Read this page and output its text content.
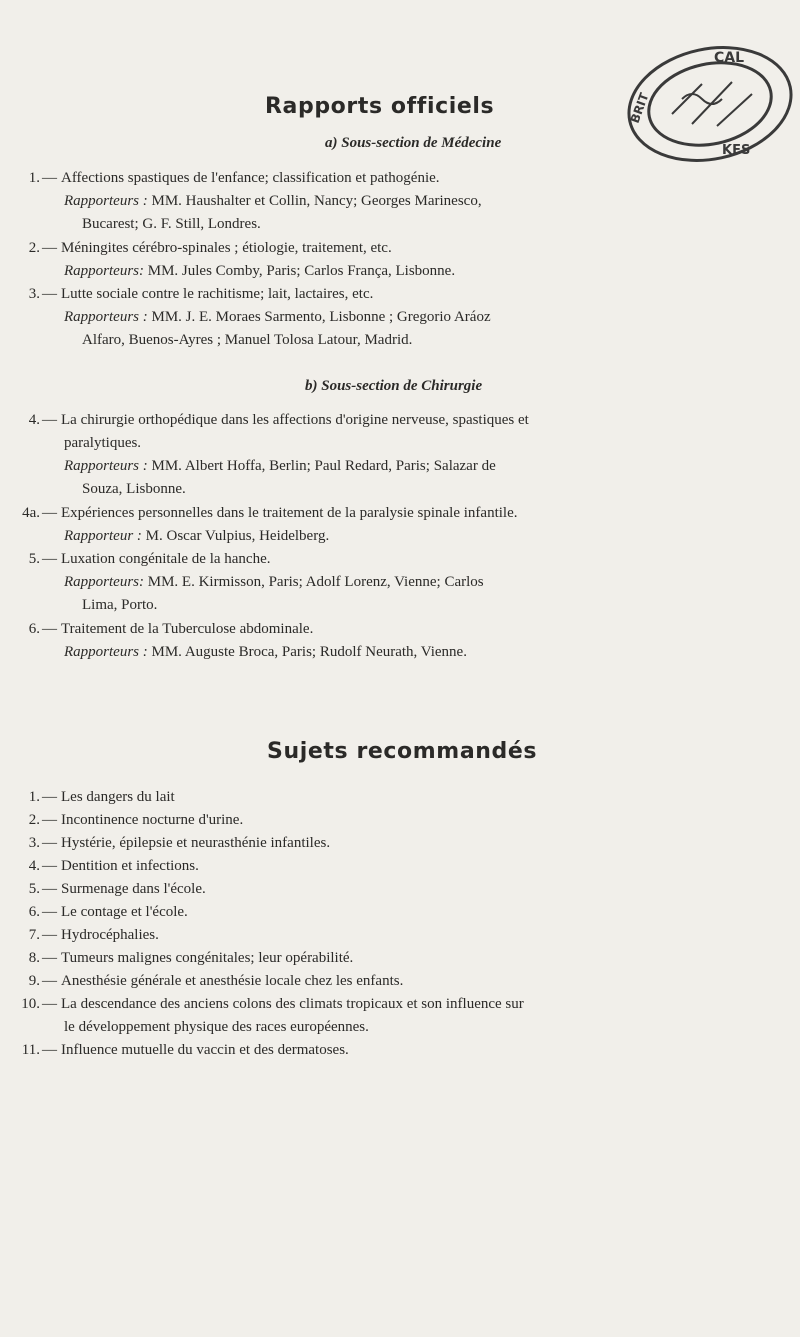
CAL
KES
BRIT
Rapports officiels
a) Sous-section de Médecine
1. — Affections spastiques de l'enfance; classification et pathogénie.
Rapporteurs : MM. Haushalter et Collin, Nancy; Georges Marinesco,
Bucarest; G. F. Still, Londres.
2. — Méningites cérébro-spinales ; étiologie, traitement, etc.
Rapporteurs: MM. Jules Comby, Paris; Carlos França, Lisbonne.
3. — Lutte sociale contre le rachitisme; lait, lactaires, etc.
Rapporteurs : MM. J. E. Moraes Sarmento, Lisbonne ; Gregorio Aráoz
Alfaro, Buenos-Ayres ; Manuel Tolosa Latour, Madrid.
b) Sous-section de Chirurgie
4. — La chirurgie orthopédique dans les affections d'origine nerveuse, spastiques et
paralytiques.
Rapporteurs : MM. Albert Hoffa, Berlin; Paul Redard, Paris; Salazar de
Souza, Lisbonne.
4a. — Expériences personnelles dans le traitement de la paralysie spinale infantile.
Rapporteur : M. Oscar Vulpius, Heidelberg.
5. — Luxation congénitale de la hanche.
Rapporteurs: MM. E. Kirmisson, Paris; Adolf Lorenz, Vienne; Carlos
Lima, Porto.
6. — Traitement de la Tuberculose abdominale.
Rapporteurs : MM. Auguste Broca, Paris; Rudolf Neurath, Vienne.
Sujets recommandés
1. — Les dangers du lait
2. — Incontinence nocturne d'urine.
3. — Hystérie, épilepsie et neurasthénie infantiles.
4. — Dentition et infections.
5. — Surmenage dans l'école.
6. — Le contage et l'école.
7. — Hydrocéphalies.
8. — Tumeurs malignes congénitales; leur opérabilité.
9. — Anesthésie générale et anesthésie locale chez les enfants.
10. — La descendance des anciens colons des climats tropicaux et son influence sur
le développement physique des races européennes.
11. — Influence mutuelle du vaccin et des dermatoses.
